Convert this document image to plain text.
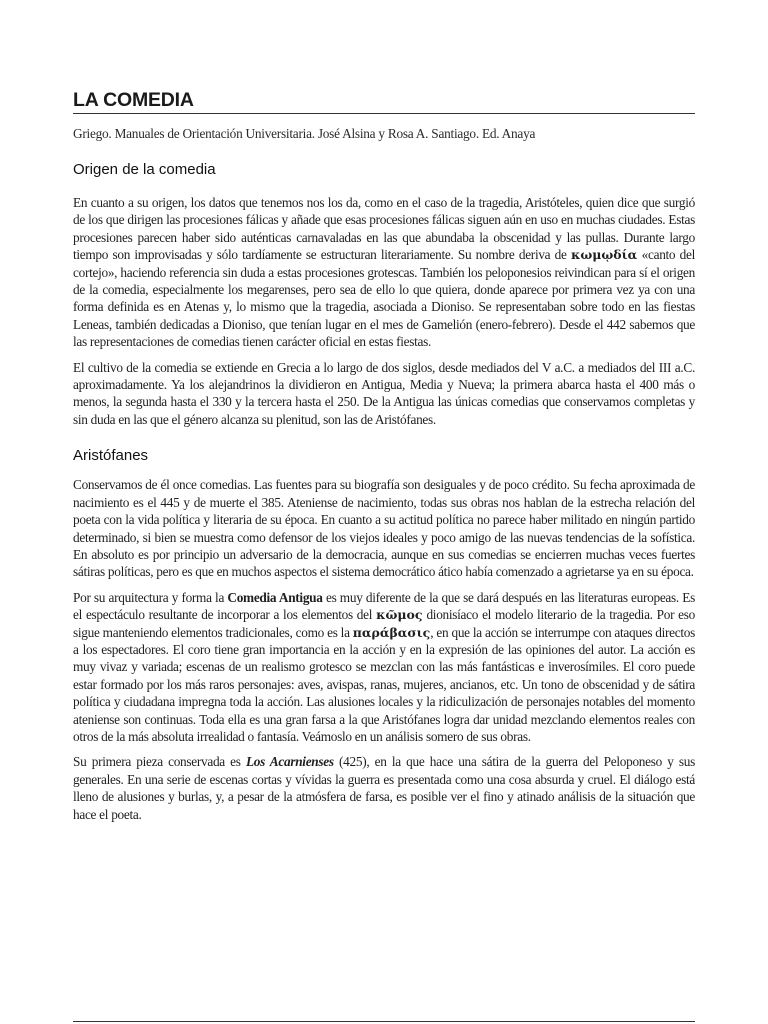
LA COMEDIA
Griego. Manuales de Orientación Universitaria. José Alsina y Rosa A. Santiago. Ed. Anaya
Origen de la comedia

En cuanto a su origen, los datos que tenemos nos los da, como en el caso de la tragedia, Aristóteles, quien dice que surgió de los que dirigen las procesiones fálicas y añade que esas procesiones fálicas siguen aún en uso en muchas ciudades. Estas procesiones parecen haber sido auténticas carnavaladas en las que abundaba la obscenidad y las pullas. Durante largo tiempo son improvisadas y sólo tardíamente se estructuran literariamente. Su nombre deriva de κωμῳδία «canto del cortejo», haciendo referencia sin duda a estas procesiones grotescas. También los peloponesios reivindican para sí el origen de la comedia, especialmente los megarenses, pero sea de ello lo que quiera, donde aparece por primera vez ya con una forma definida es en Atenas y, lo mismo que la tragedia, asociada a Dioniso. Se representaban sobre todo en las fiestas Leneas, también dedicadas a Dioniso, que tenían lugar en el mes de Gamelión (enero-febrero). Desde el 442 sabemos que las representaciones de comedias tienen carácter oficial en estas fiestas.

El cultivo de la comedia se extiende en Grecia a lo largo de dos siglos, desde mediados del V a.C. a mediados del III a.C. aproximadamente. Ya los alejandrinos la dividieron en Antigua, Media y Nueva; la primera abarca hasta el 400 más o menos, la segunda hasta el 330 y la tercera hasta el 250. De la Antigua las únicas comedias que conservamos completas y sin duda en las que el género alcanza su plenitud, son las de Aristófanes.

Aristófanes

Conservamos de él once comedias. Las fuentes para su biografía son desiguales y de poco crédito. Su fecha aproximada de nacimiento es el 445 y de muerte el 385. Ateniense de nacimiento, todas sus obras nos hablan de la estrecha relación del poeta con la vida política y literaria de su época. En cuanto a su actitud política no parece haber militado en ningún partido determinado, si bien se muestra como defensor de los viejos ideales y poco amigo de las nuevas tendencias de la sofística. En absoluto es por principio un adversario de la democracia, aunque en sus comedias se encierren muchas veces fuertes sátiras políticas, pero es que en muchos aspectos el sistema democrático ático había comenzado a agrietarse ya en su época.

Por su arquitectura y forma la Comedia Antigua es muy diferente de la que se dará después en las literaturas europeas. Es el espectáculo resultante de incorporar a los elementos del κῶμος dionisíaco el modelo literario de la tragedia. Por eso sigue manteniendo elementos tradicionales, como es la παράβασις, en que la acción se interrumpe con ataques directos a los espectadores. El coro tiene gran importancia en la acción y en la expresión de las opiniones del autor. La acción es muy vivaz y variada; escenas de un realismo grotesco se mezclan con las más fantásticas e inverosímiles. El coro puede estar formado por los más raros personajes: aves, avispas, ranas, mujeres, ancianos, etc. Un tono de obscenidad y de sátira política y ciudadana impregna toda la acción. Las alusiones locales y la ridiculización de personajes notables del momento ateniense son continuas. Toda ella es una gran farsa a la que Aristófanes logra dar unidad mezclando elementos reales con otros de la más absoluta irrealidad o fantasía. Veámoslo en un análisis somero de sus obras.

Su primera pieza conservada es Los Acarnienses (425), en la que hace una sátira de la guerra del Peloponeso y sus generales. En una serie de escenas cortas y vívidas la guerra es presentada como una cosa absurda y cruel. El diálogo está lleno de alusiones y burlas, y, a pesar de la atmósfera de farsa, es posible ver el fino y atinado análisis de la situación que hace el poeta.
